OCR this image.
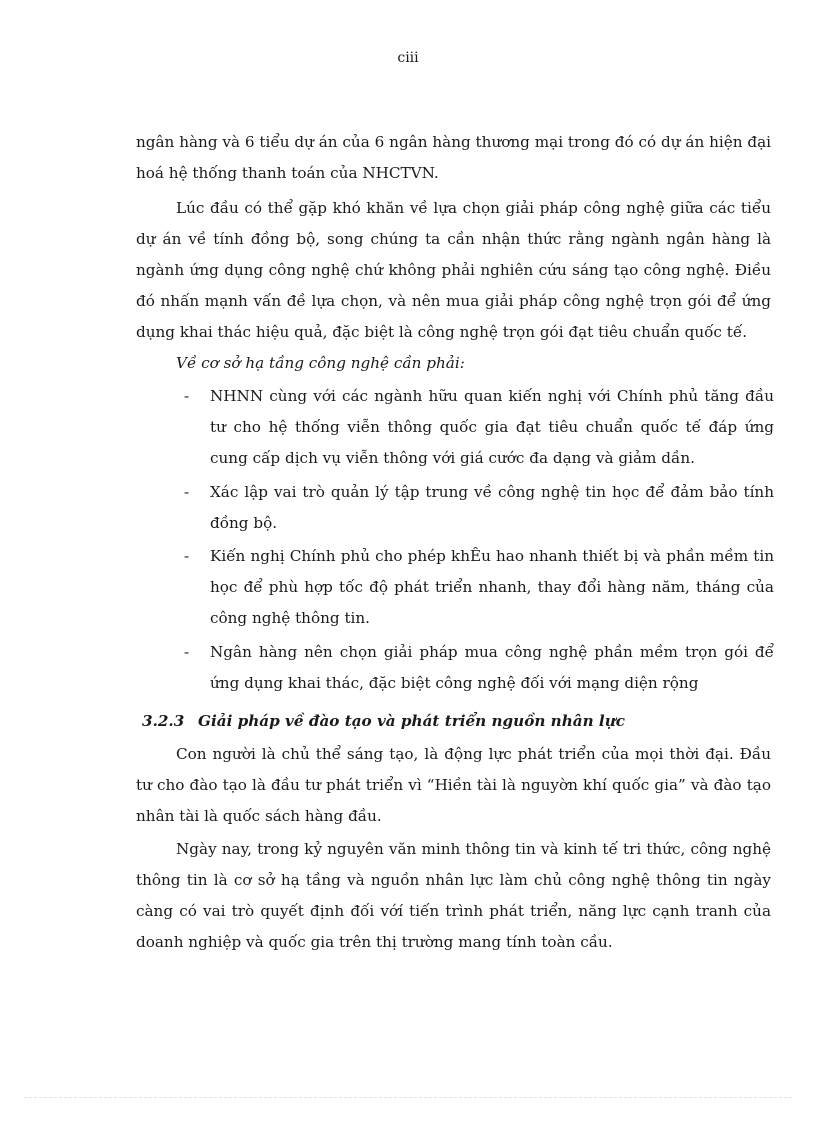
ciii

ngân hàng và 6 tiểu dự án của 6 ngân hàng thương mại trong đó có dự án hiện đại hoá hệ thống thanh toán của NHCTVN.

Lúc đầu có thể gặp khó khăn về lựa chọn giải pháp công nghệ giữa các tiểu dự án về tính đồng bộ, song chúng ta cần nhận thức rằng ngành ngân hàng là ngành ứng dụng công nghệ chứ không phải nghiên cứu sáng tạo công nghệ. Điều đó nhấn mạnh vấn đề lựa chọn, và nên mua giải pháp công nghệ trọn gói để ứng dụng khai thác hiệu quả, đặc biệt là công nghệ trọn gói đạt tiêu chuẩn quốc tế.

Về cơ sở hạ tầng công nghệ cần phải:
- NHNN cùng với các ngành hữu quan kiến nghị với Chính phủ tăng đầu tư cho hệ thống viễn thông quốc gia đạt tiêu chuẩn quốc tế đáp ứng cung cấp dịch vụ viễn thông với giá cước đa dạng và giảm dần.
- Xác lập vai trò quản lý tập trung về công nghệ tin học để đảm bảo tính đồng bộ.
- Kiến nghị Chính phủ cho phép khÊu hao nhanh thiết bị và phần mềm tin học để phù hợp tốc độ phát triển nhanh, thay đổi hàng năm, tháng của công nghệ thông tin.
- Ngân hàng nên chọn giải pháp mua công nghệ phần mềm trọn gói để ứng dụng khai thác, đặc biệt công nghệ đối với mạng diện rộng
3.2.3 Giải pháp về đào tạo và phát triển nguồn nhân lực

Con người là chủ thể sáng tạo, là động lực phát triển của mọi thời đại. Đầu tư cho đào tạo là đầu tư phát triển vì “Hiền tài là nguyờn khí quốc gia” và đào tạo nhân tài là quốc sách hàng đầu.

Ngày nay, trong kỷ nguyên văn minh thông tin và kinh tế tri thức, công nghệ thông tin là cơ sở hạ tầng và nguồn nhân lực làm chủ công nghệ thông tin ngày càng có vai trò quyết định đối vớí tiến trình phát triển, năng lực cạnh tranh của doanh nghiệp và quốc gia trên thị trường mang tính toàn cầu.
